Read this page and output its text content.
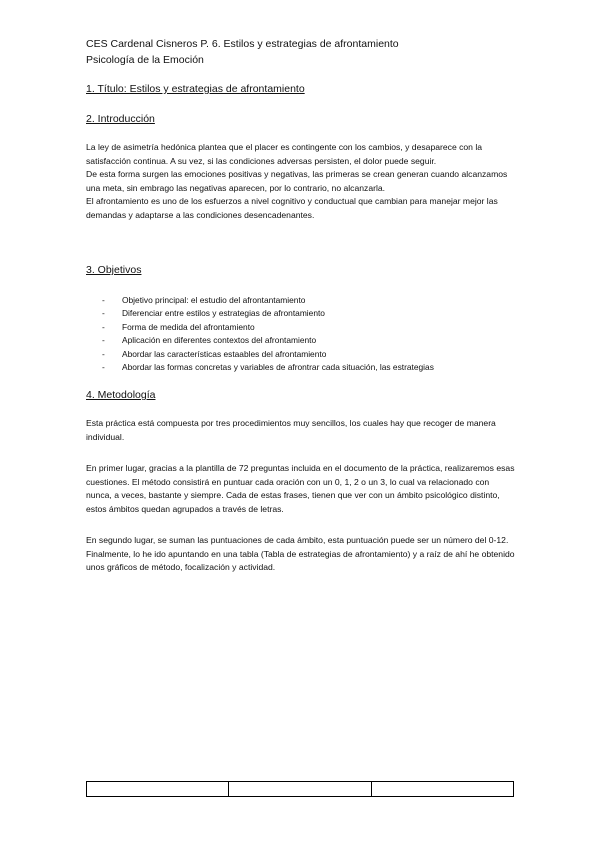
CES Cardenal Cisneros P. 6. Estilos y estrategias de afrontamiento
Psicología de la Emoción

1. Título: Estilos y estrategias de afrontamiento

2. Introducción

La ley de asimetría hedónica plantea que el placer es contingente con los cambios, y desaparece con la satisfacción continua. A su vez, si las condiciones adversas persisten, el dolor puede seguir.

De esta forma surgen las emociones positivas y negativas, las primeras se crean generan cuando alcanzamos una meta, sin embrago las negativas aparecen, por lo contrario, no alcanzarla.

El afrontamiento es uno de los esfuerzos a nivel cognitivo y conductual que cambian para manejar mejor las demandas y adaptarse a las condiciones desencadenantes.

3. Objetivos

- Objetivo principal: el estudio del afrontantamiento
- Diferenciar entre estilos y estrategias de afrontamiento
- Forma de medida del afrontamiento
- Aplicación en diferentes contextos del afrontamiento
- Abordar las características estaables del afrontamiento
- Abordar las formas concretas y variables de afrontrar cada situación, las estrategias

4. Metodología

Esta práctica está compuesta por tres procedimientos muy sencillos, los cuales hay que recoger de manera individual.

En primer lugar, gracias a la plantilla de 72 preguntas incluida en el documento de la práctica, realizaremos esas cuestiones. El método consistirá en puntuar cada oración con un 0, 1, 2 o un 3, lo cual va relacionado con nunca, a veces, bastante y siempre. Cada de estas frases, tienen que ver con un ámbito psicológico distinto, estos ámbitos quedan agrupados a través de letras.

En segundo lugar, se suman las puntuaciones de cada ámbito, esta puntuación puede ser un número del 0-12. Finalmente, lo he ido apuntando en una tabla (Tabla de estrategias de afrontamiento) y a raíz de ahí he obtenido unos gráficos de método, focalización y actividad.
